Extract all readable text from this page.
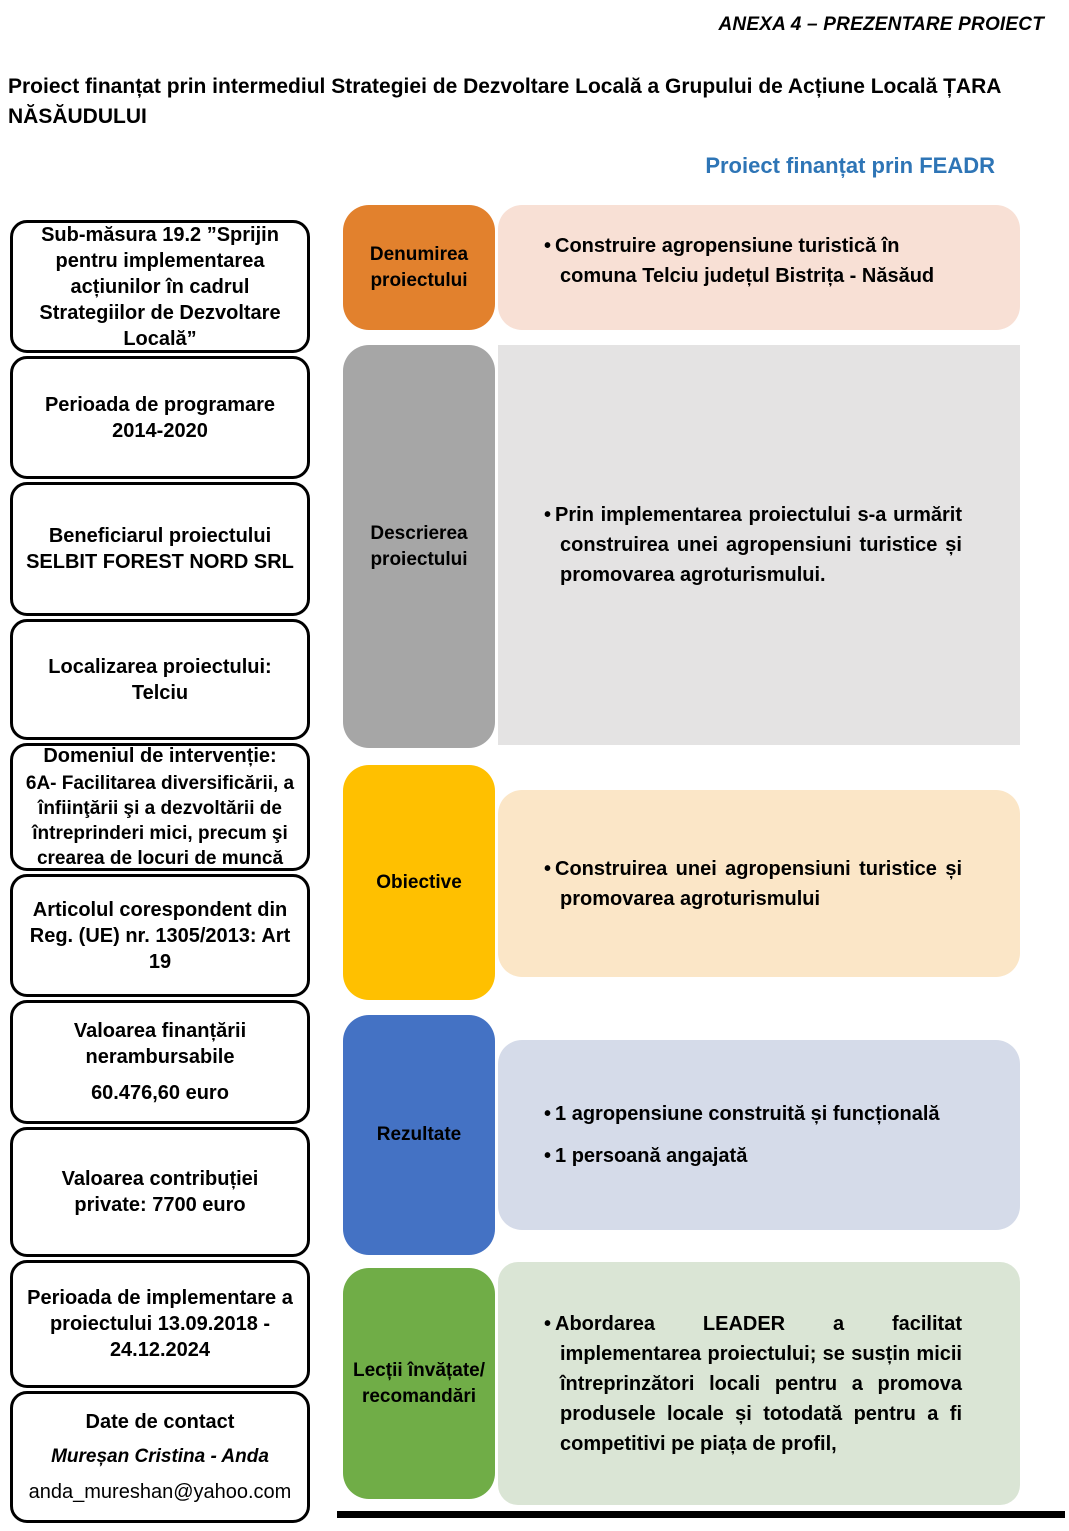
ANEXA 4 – PREZENTARE PROIECT
Proiect finanțat prin intermediul Strategiei de Dezvoltare Locală a Grupului de Acțiune Locală ȚARA NĂSĂUDULUI
Proiect finanțat prin FEADR
Sub-măsura 19.2 ”Sprijin pentru implementarea acțiunilor în cadrul Strategiilor de Dezvoltare Locală”
Perioada de programare 2014-2020
Beneficiarul proiectului SELBIT FOREST NORD SRL
Localizarea proiectului: Telciu
Domeniul de intervenție:
6A- Facilitarea diversificării, a înfiinţării şi a dezvoltării de întreprinderi mici, precum şi crearea de locuri de muncă
Articolul corespondent din Reg. (UE) nr. 1305/2013: Art 19
Valoarea finanțării nerambursabile
60.476,60 euro
Valoarea contribuției private: 7700 euro
Perioada de implementare a proiectului 13.09.2018 - 24.12.2024
Date de contact
Mureșan Cristina - Anda
anda_mureshan@yahoo.com
Denumirea proiectului
• Construire agropensiune turistică în comuna Telciu județul Bistrița - Năsăud
Descrierea proiectului
• Prin implementarea proiectului s-a urmărit construirea unei agropensiuni turistice și promovarea agroturismului.
Obiective
• Construirea unei agropensiuni turistice și promovarea agroturismului
Rezultate
• 1 agropensiune construită și funcțională
• 1 persoană angajată
Lecții învățate/ recomandări
• Abordarea LEADER a facilitat implementarea proiectului; se susțin micii întreprinzători locali pentru a promova produsele locale și totodată pentru a fi competitivi pe piața de profil,
